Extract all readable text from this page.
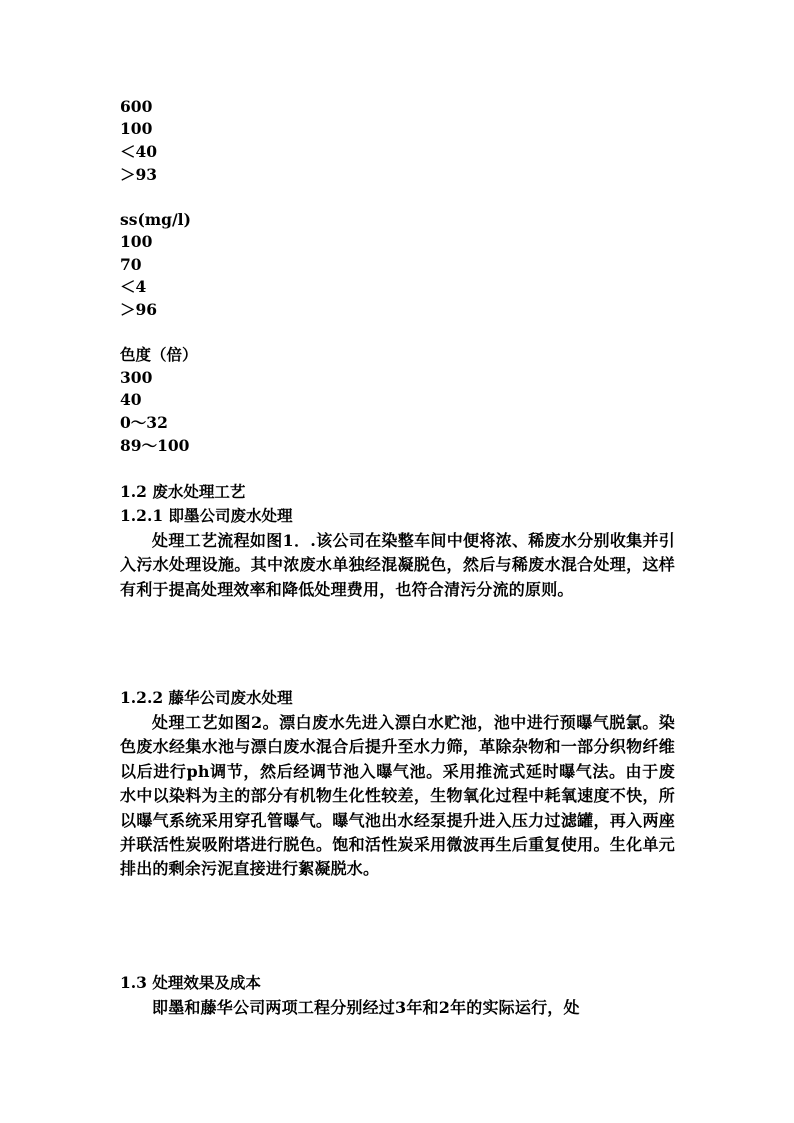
600
100
＜40
＞93
ss(mg/l)
100
70
＜4
＞96
色度（倍）
300
40
0～32
89～100
1.2 废水处理工艺
1.2.1 即墨公司废水处理
处理工艺流程如图1．.该公司在染整车间中便将浓、稀废水分别收集并引入污水处理设施。其中浓废水单独经混凝脱色，然后与稀废水混合处理，这样有利于提高处理效率和降低处理费用，也符合清污分流的原则。
1.2.2 藤华公司废水处理
处理工艺如图2。漂白废水先进入漂白水贮池，池中进行预曝气脱氯。染色废水经集水池与漂白废水混合后提升至水力筛，革除杂物和一部分织物纤维以后进行ph调节，然后经调节池入曝气池。采用推流式延时曝气法。由于废水中以染料为主的部分有机物生化性较差，生物氧化过程中耗氧速度不快，所以曝气系统采用穿孔管曝气。曝气池出水经泵提升进入压力过滤罐，再入两座并联活性炭吸附塔进行脱色。饱和活性炭采用微波再生后重复使用。生化单元排出的剩余污泥直接进行絮凝脱水。
1.3 处理效果及成本
即墨和藤华公司两项工程分别经过3年和2年的实际运行，处
